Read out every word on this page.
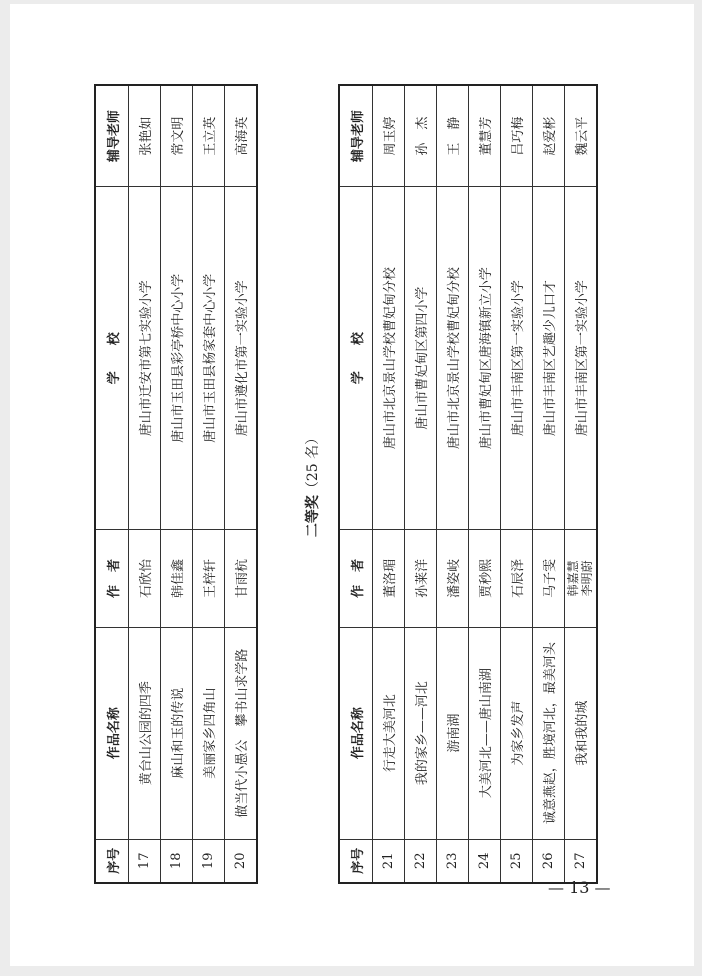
序号	作品名称	作　者	学　　校	辅导老师
17	黄台山公园的四季	石欣怡	唐山市迁安市第七实验小学	张艳如
18	麻山和玉的传说	韩佳鑫	唐山市玉田县彩亭桥中心小学	常文明
19	美丽家乡四角山	王梓轩	唐山市玉田县杨家套中心小学	王立英
20	做当代小愚公　攀书山求学路	甘雨杭	唐山市遵化市第一实验小学	高海英
二等奖（25 名）
序号	作品名称	作　者	学　　校	辅导老师
21	行走大美河北	董洛瑂	唐山市北京景山学校曹妃甸分校	周玉婷
22	我的家乡——河北	孙莱洋	唐山市曹妃甸区第四小学	孙　杰
23	游南湖	潘姿岐	唐山市北京景山学校曹妃甸分校	王　静
24	大美河北——唐山南湖	贾秒熙	唐山市曹妃甸区唐海镇新立小学	董慧芳
25	为家乡发声	石辰泽	唐山市丰南区第一实验小学	吕巧梅
26	诚意燕赵，胜境河北，最美河头	马子雯	唐山市丰南区艺趣少儿口才	赵爱彬
27	我和我的城	韩嘉慧 李明蔚	唐山市丰南区第一实验小学	魏云平
— 13 —
